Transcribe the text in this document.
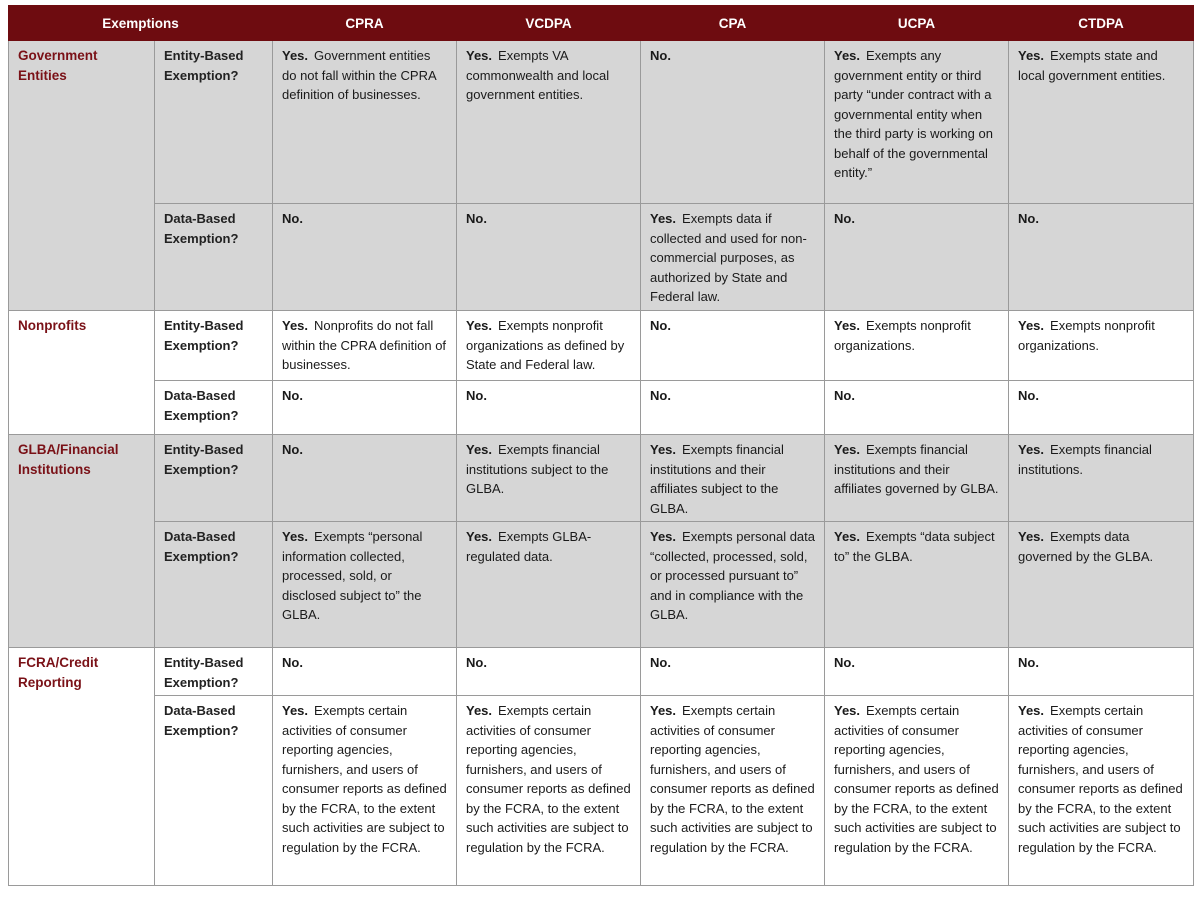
Exemptions		CPRA	VCDPA	CPA	UCPA	CTDPA
Government Entities	Entity-Based Exemption?	Yes. Government entities do not fall within the CPRA definition of businesses.	Yes. Exempts VA commonwealth and local government entities.	No.	Yes. Exempts any government entity or third party “under contract with a governmental entity when the third party is working on behalf of the governmental entity.”	Yes. Exempts state and local government entities.
	Data-Based Exemption?	No.	No.	Yes. Exempts data if collected and used for non-commercial purposes, as authorized by State and Federal law.	No.	No.
Nonprofits	Entity-Based Exemption?	Yes. Nonprofits do not fall within the CPRA definition of businesses.	Yes. Exempts nonprofit organizations as defined by State and Federal law.	No.	Yes. Exempts nonprofit organizations.	Yes. Exempts nonprofit organizations.
	Data-Based Exemption?	No.	No.	No.	No.	No.
GLBA/Financial Institutions	Entity-Based Exemption?	No.	Yes. Exempts financial institutions subject to the GLBA.	Yes. Exempts financial institutions and their affiliates subject to the GLBA.	Yes. Exempts financial institutions and their affiliates governed by GLBA.	Yes. Exempts financial institutions.
	Data-Based Exemption?	Yes. Exempts “personal information collected, processed, sold, or disclosed subject to” the GLBA.	Yes. Exempts GLBA-regulated data.	Yes. Exempts personal data “collected, processed, sold, or processed pursuant to” and in compliance with the GLBA.	Yes. Exempts “data subject to” the GLBA.	Yes. Exempts data governed by the GLBA.
FCRA/Credit Reporting	Entity-Based Exemption?	No.	No.	No.	No.	No.
	Data-Based Exemption?	Yes. Exempts certain activities of consumer reporting agencies, furnishers, and users of consumer reports as defined by the FCRA, to the extent such activities are subject to regulation by the FCRA.	Yes. Exempts certain activities of consumer reporting agencies, furnishers, and users of consumer reports as defined by the FCRA, to the extent such activities are subject to regulation by the FCRA.	Yes. Exempts certain activities of consumer reporting agencies, furnishers, and users of consumer reports as defined by the FCRA, to the extent such activities are subject to regulation by the FCRA.	Yes. Exempts certain activities of consumer reporting agencies, furnishers, and users of consumer reports as defined by the FCRA, to the extent such activities are subject to regulation by the FCRA.	Yes. Exempts certain activities of consumer reporting agencies, furnishers, and users of consumer reports as defined by the FCRA, to the extent such activities are subject to regulation by the FCRA.
